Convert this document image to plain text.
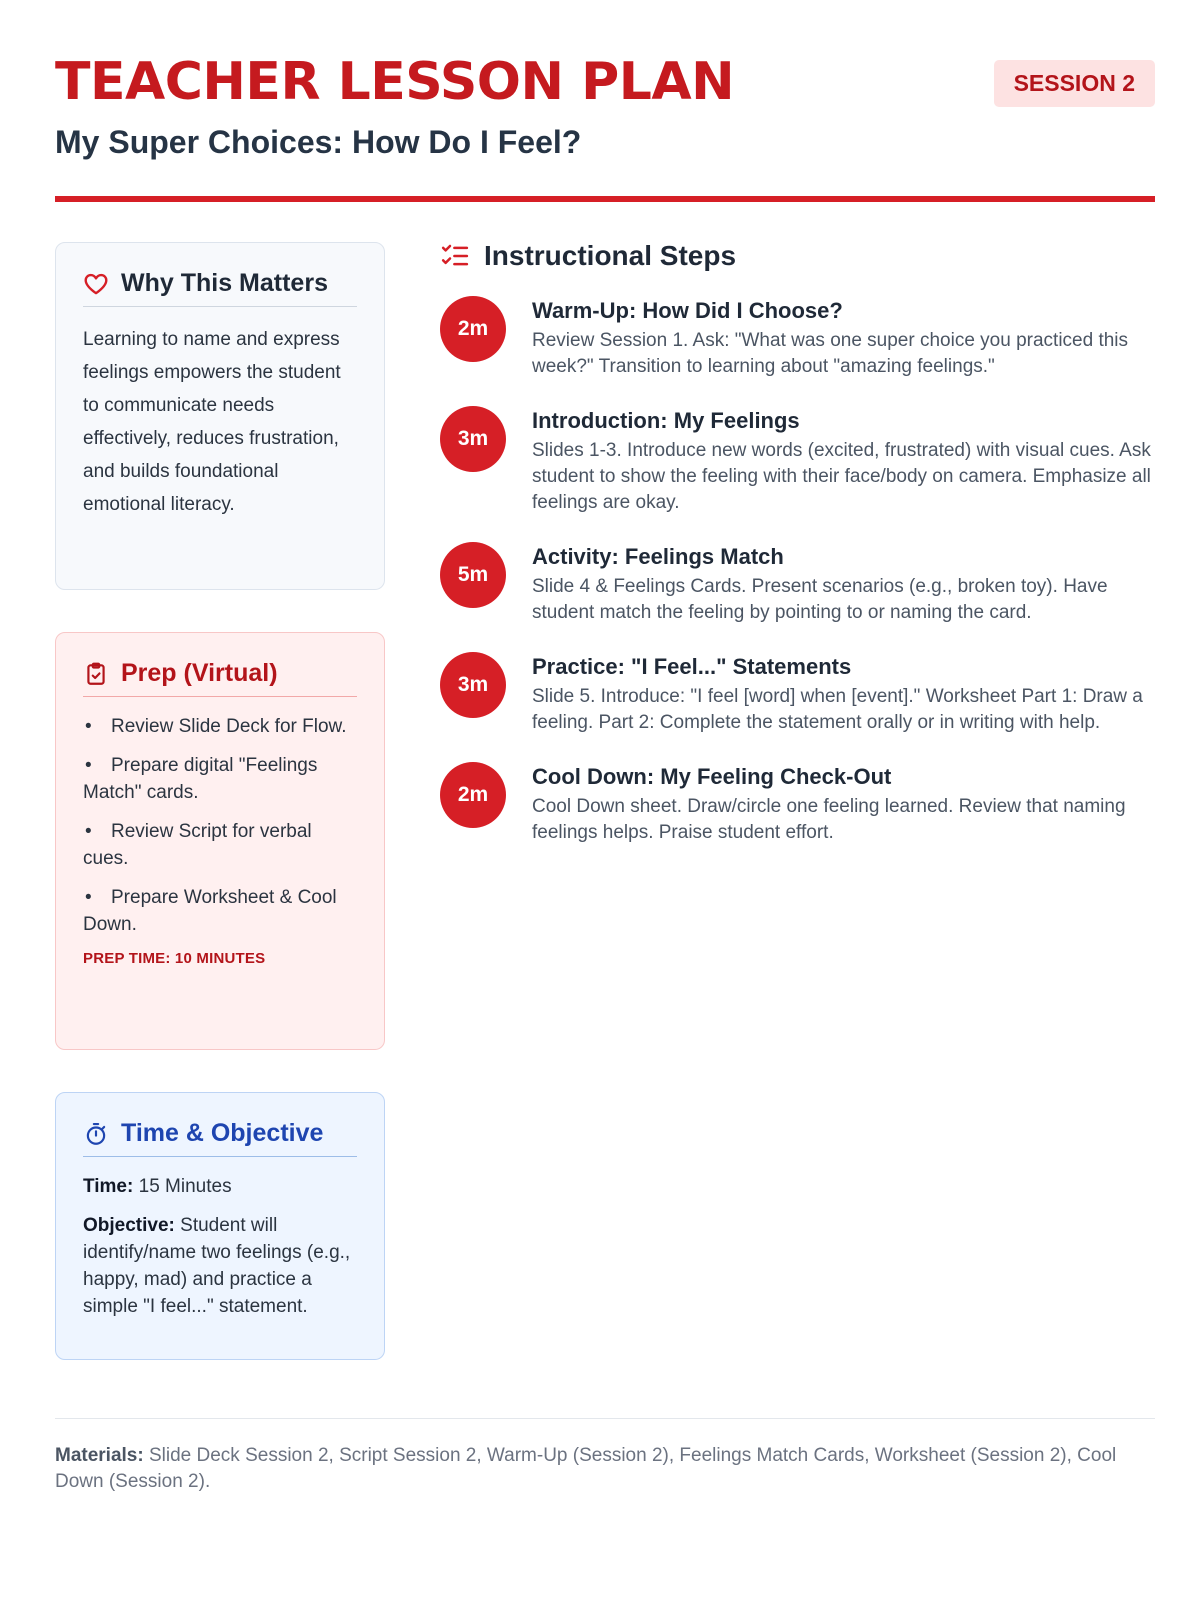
TEACHER LESSON PLAN
My Super Choices: How Do I Feel?
SESSION 2
Why This Matters

Learning to name and express feelings empowers the student to communicate needs effectively, reduces frustration, and builds foundational emotional literacy.

Prep (Virtual)
• Review Slide Deck for Flow.
• Prepare digital "Feelings Match" cards.
• Review Script for verbal cues.
• Prepare Worksheet & Cool Down.
PREP TIME: 10 MINUTES
Time & Objective

Time: 15 Minutes

Objective: Student will identify/name two feelings (e.g., happy, mad) and practice a simple "I feel..." statement.

Instructional Steps
2m
Warm-Up: How Did I Choose?
Review Session 1. Ask: "What was one super choice you practiced this week?" Transition to learning about "amazing feelings."
3m
Introduction: My Feelings
Slides 1-3. Introduce new words (excited, frustrated) with visual cues. Ask student to show the feeling with their face/body on camera. Emphasize all feelings are okay.
5m
Activity: Feelings Match
Slide 4 & Feelings Cards. Present scenarios (e.g., broken toy). Have student match the feeling by pointing to or naming the card.
3m
Practice: "I Feel..." Statements
Slide 5. Introduce: "I feel [word] when [event]." Worksheet Part 1: Draw a feeling. Part 2: Complete the statement orally or in writing with help.
2m
Cool Down: My Feeling Check-Out
Cool Down sheet. Draw/circle one feeling learned. Review that naming feelings helps. Praise student effort.

Materials: Slide Deck Session 2, Script Session 2, Warm-Up (Session 2), Feelings Match Cards, Worksheet (Session 2), Cool Down (Session 2).
